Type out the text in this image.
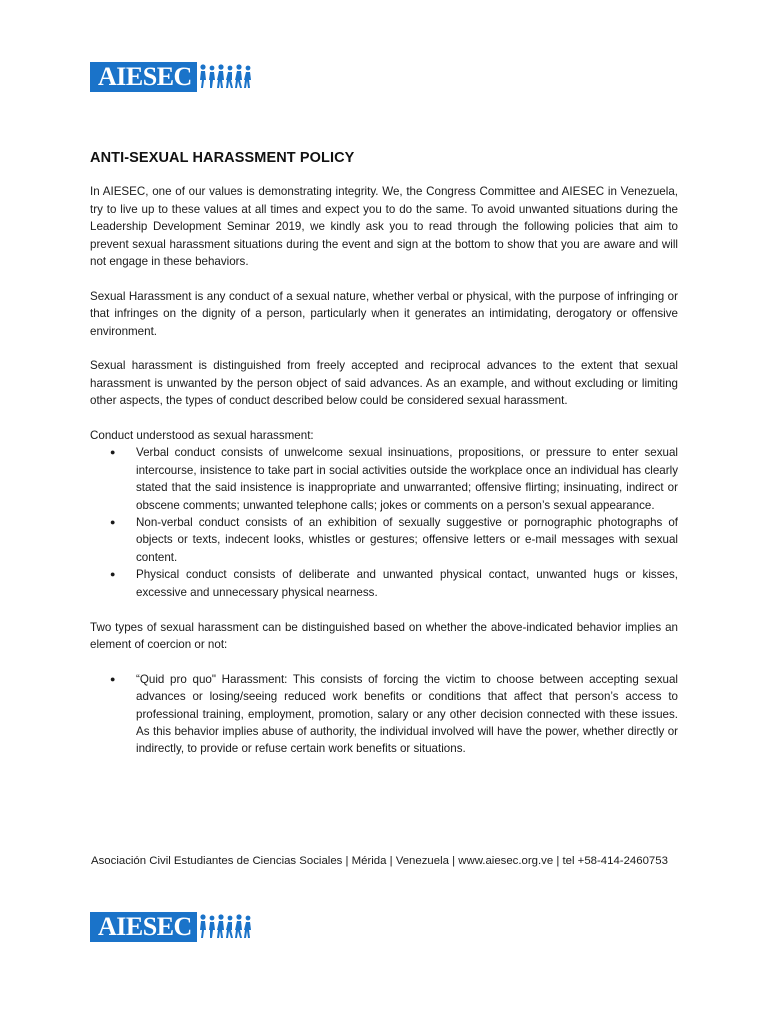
AIESEC
ANTI-SEXUAL HARASSMENT POLICY

In AIESEC, one of our values is demonstrating integrity. We, the Congress Committee and AIESEC in Venezuela, try to live up to these values at all times and expect you to do the same. To avoid unwanted situations during the Leadership Development Seminar 2019, we kindly ask you to read through the following policies that aim to prevent sexual harassment situations during the event and sign at the bottom to show that you are aware and will not engage in these behaviors.

Sexual Harassment is any conduct of a sexual nature, whether verbal or physical, with the purpose of infringing or that infringes on the dignity of a person, particularly when it generates an intimidating, derogatory or offensive environment.

Sexual harassment is distinguished from freely accepted and reciprocal advances to the extent that sexual harassment is unwanted by the person object of said advances. As an example, and without excluding or limiting other aspects, the types of conduct described below could be considered sexual harassment.

Conduct understood as sexual harassment:

● Verbal conduct consists of unwelcome sexual insinuations, propositions, or pressure to enter sexual intercourse, insistence to take part in social activities outside the workplace once an individual has clearly stated that the said insistence is inappropriate and unwarranted; offensive flirting; insinuating, indirect or obscene comments; unwanted telephone calls; jokes or comments on a person’s sexual appearance.
● Non-verbal conduct consists of an exhibition of sexually suggestive or pornographic photographs of objects or texts, indecent looks, whistles or gestures; offensive letters or e-mail messages with sexual content.
● Physical conduct consists of deliberate and unwanted physical contact, unwanted hugs or kisses, excessive and unnecessary physical nearness.

Two types of sexual harassment can be distinguished based on whether the above-indicated behavior implies an element of coercion or not:

● “Quid pro quo" Harassment: This consists of forcing the victim to choose between accepting sexual advances or losing/seeing reduced work benefits or conditions that affect that person’s access to professional training, employment, promotion, salary or any other decision connected with these issues. As this behavior implies abuse of authority, the individual involved will have the power, whether directly or indirectly, to provide or refuse certain work benefits or situations.
Asociación Civil Estudiantes de Ciencias Sociales | Mérida | Venezuela | www.aiesec.org.ve | tel +58-414-2460753
AIESEC
